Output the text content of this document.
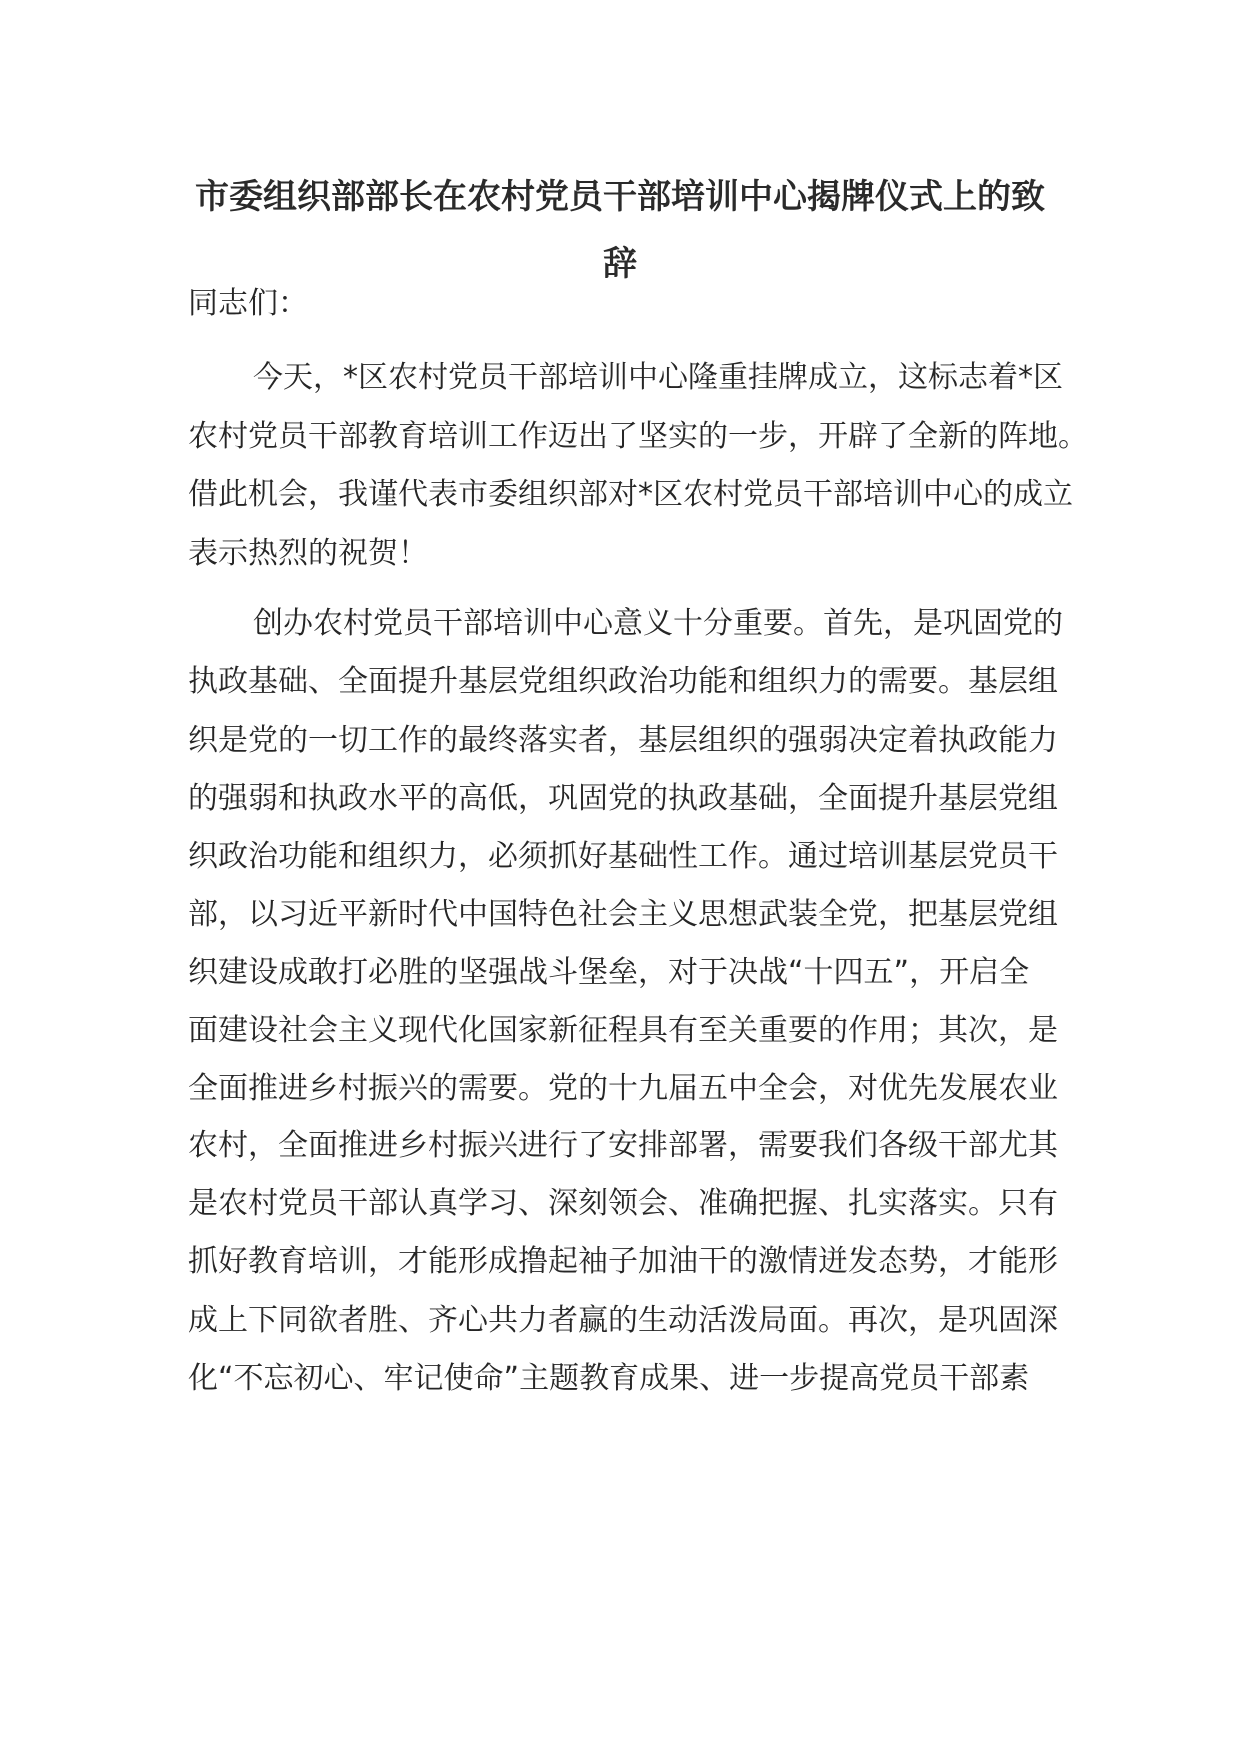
市委组织部部长在农村党员干部培训中心揭牌仪式上的致
辞

同志们：

今天，*区农村党员干部培训中心隆重挂牌成立，这标志着*区

农村党员干部教育培训工作迈出了坚实的一步，开辟了全新的阵地。

借此机会，我谨代表市委组织部对*区农村党员干部培训中心的成立

表示热烈的祝贺！

创办农村党员干部培训中心意义十分重要。首先，是巩固党的

执政基础、全面提升基层党组织政治功能和组织力的需要。基层组

织是党的一切工作的最终落实者，基层组织的强弱决定着执政能力

的强弱和执政水平的高低，巩固党的执政基础，全面提升基层党组

织政治功能和组织力，必须抓好基础性工作。通过培训基层党员干

部，以习近平新时代中国特色社会主义思想武装全党，把基层党组

织建设成敢打必胜的坚强战斗堡垒，对于决战“十四五”，开启全

面建设社会主义现代化国家新征程具有至关重要的作用；其次，是

全面推进乡村振兴的需要。党的十九届五中全会，对优先发展农业

农村，全面推进乡村振兴进行了安排部署，需要我们各级干部尤其

是农村党员干部认真学习、深刻领会、准确把握、扎实落实。只有

抓好教育培训，才能形成撸起袖子加油干的激情迸发态势，才能形

成上下同欲者胜、齐心共力者赢的生动活泼局面。再次，是巩固深

化“不忘初心、牢记使命”主题教育成果、进一步提高党员干部素
